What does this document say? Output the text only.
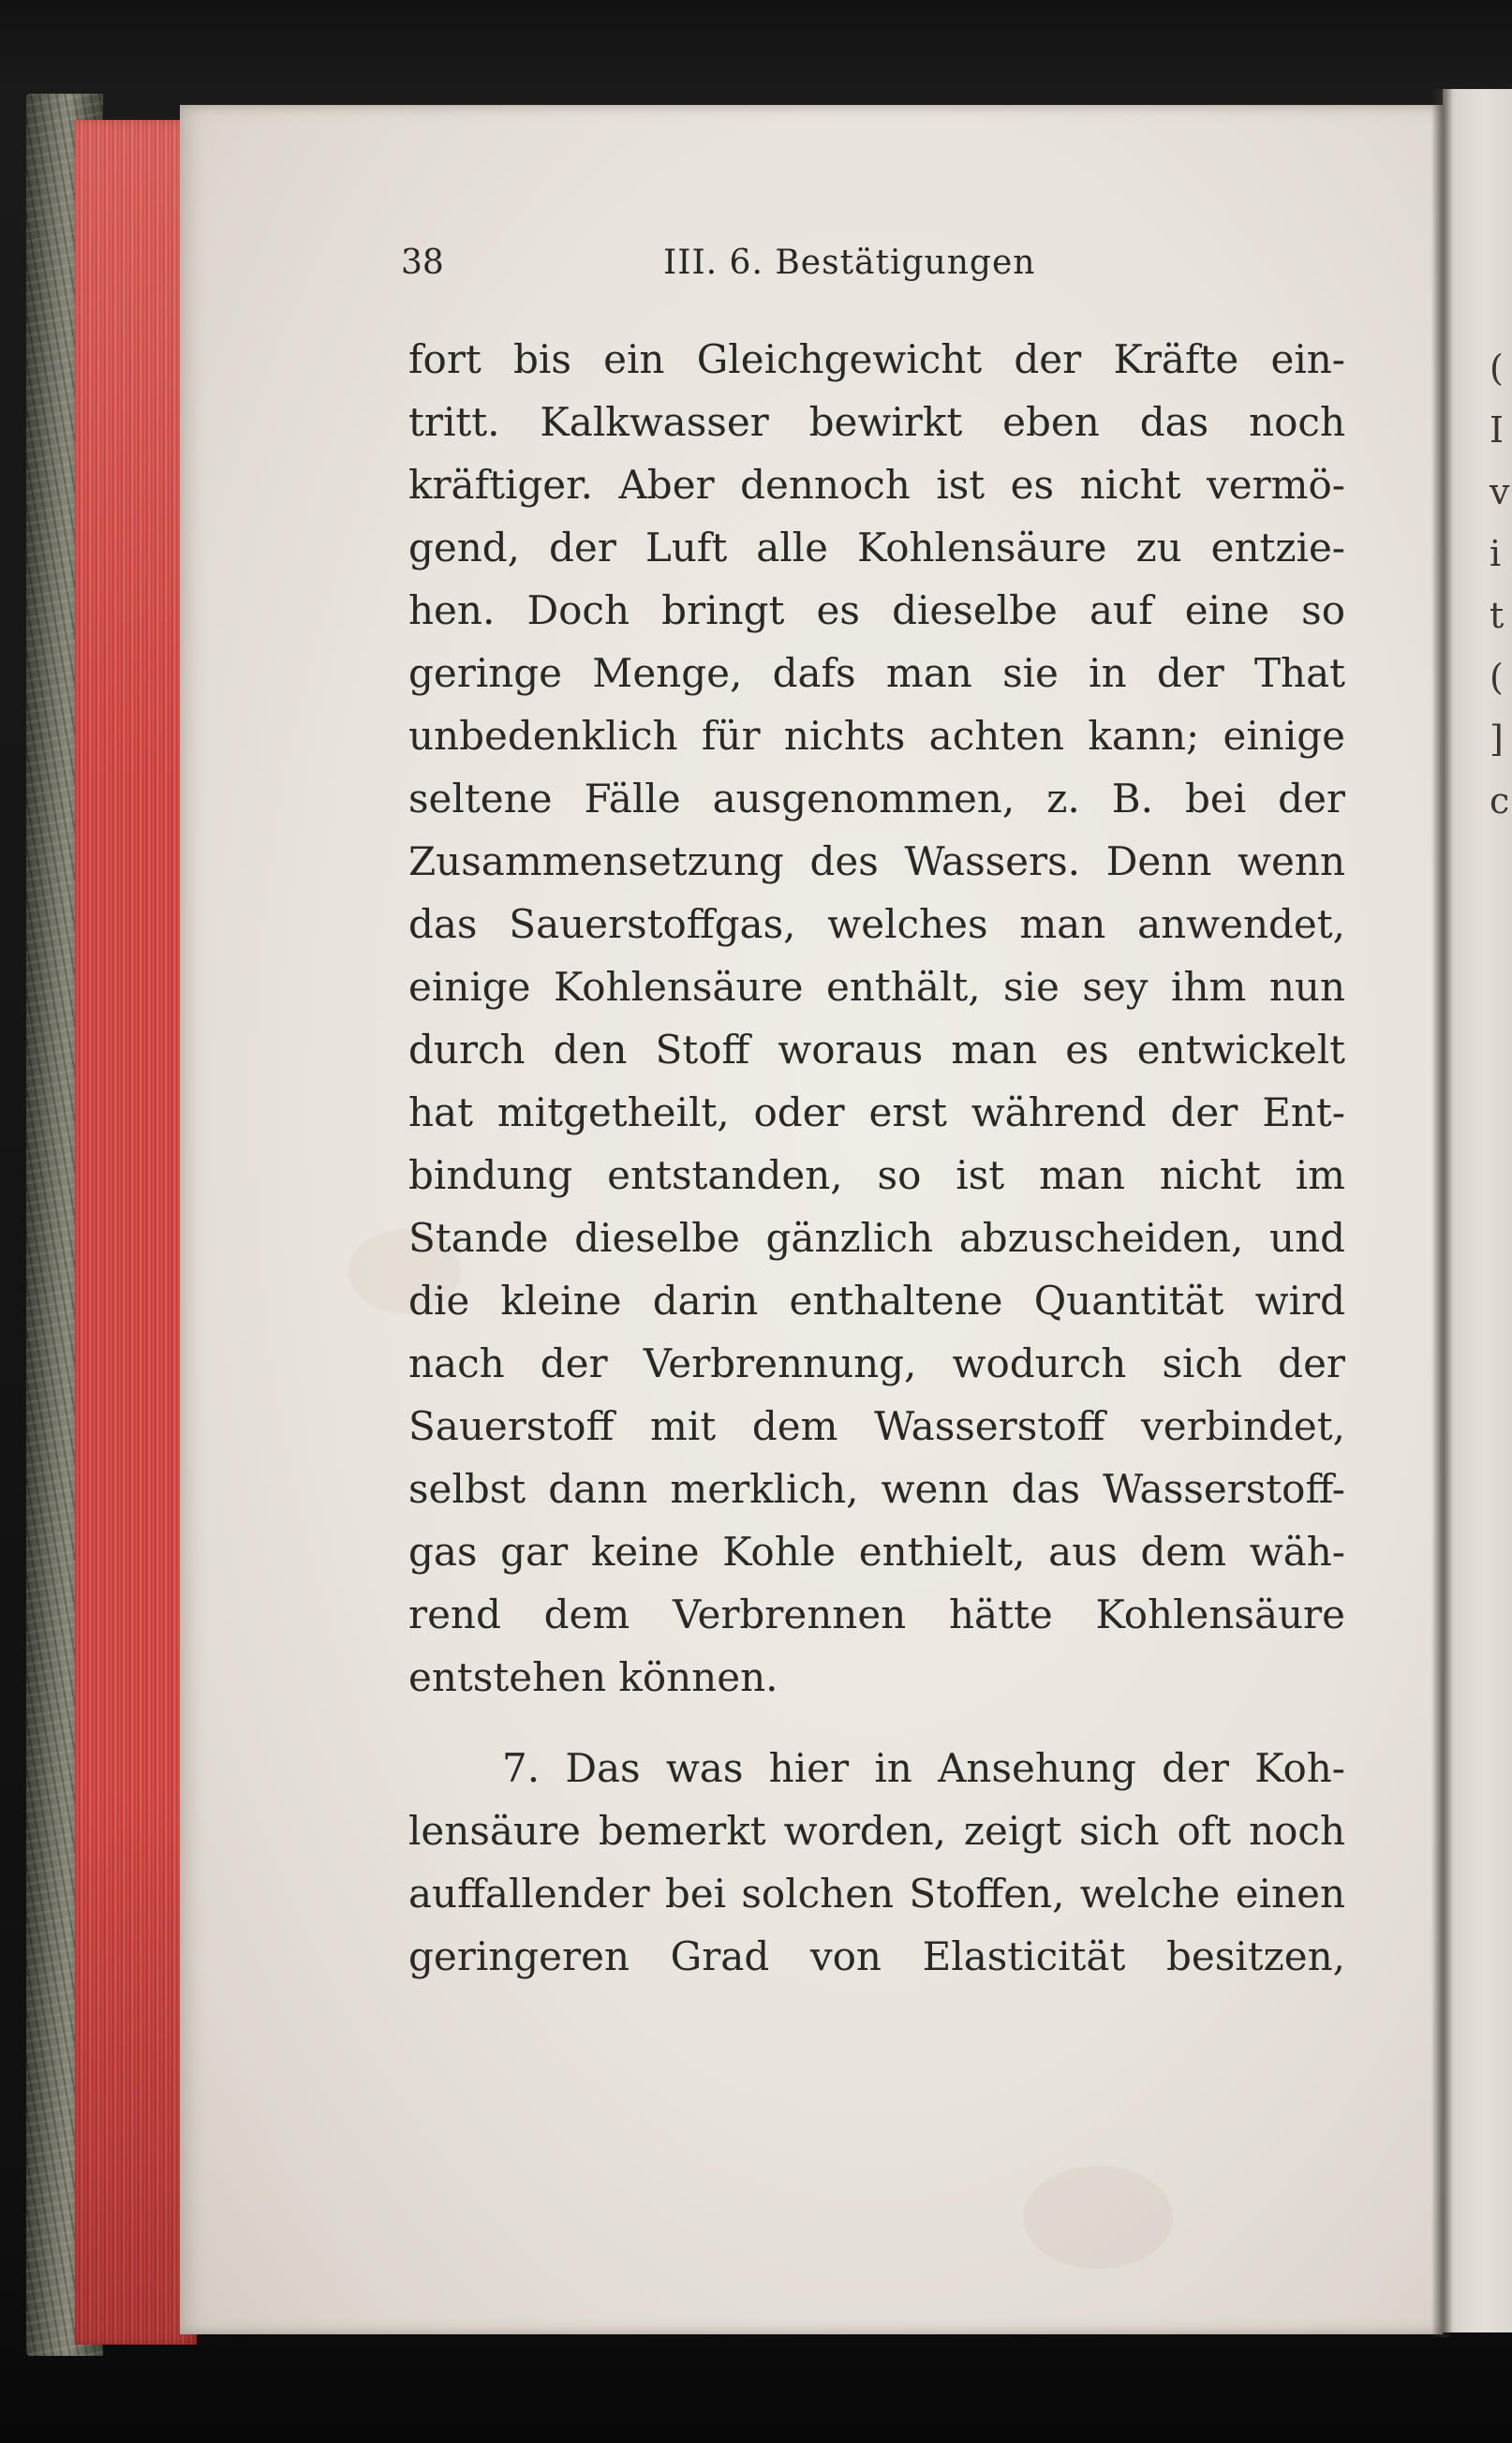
(
I
v
i
t
(
]
c
38	III. 6. Bestätigungen
fort bis ein Gleichgewicht der Kräfte ein-
tritt. Kalkwasser bewirkt eben das noch
kräftiger. Aber dennoch ist es nicht vermö-
gend, der Luft alle Kohlensäure zu entzie-
hen. Doch bringt es dieselbe auf eine so
geringe Menge, dafs man sie in der That
unbedenklich für nichts achten kann; einige
seltene Fälle ausgenommen, z. B. bei der
Zusammensetzung des Wassers. Denn wenn
das Sauerstoffgas, welches man anwendet,
einige Kohlensäure enthält, sie sey ihm nun
durch den Stoff woraus man es entwickelt
hat mitgetheilt, oder erst während der Ent-
bindung entstanden, so ist man nicht im
Stande dieselbe gänzlich abzuscheiden, und
die kleine darin enthaltene Quantität wird
nach der Verbrennung, wodurch sich der
Sauerstoff mit dem Wasserstoff verbindet,
selbst dann merklich, wenn das Wasserstoff-
gas gar keine Kohle enthielt, aus dem wäh-
rend dem Verbrennen hätte Kohlensäure
entstehen können.
7. Das was hier in Ansehung der Koh-
lensäure bemerkt worden, zeigt sich oft noch
auffallender bei solchen Stoffen, welche einen
geringeren Grad von Elasticität besitzen,
